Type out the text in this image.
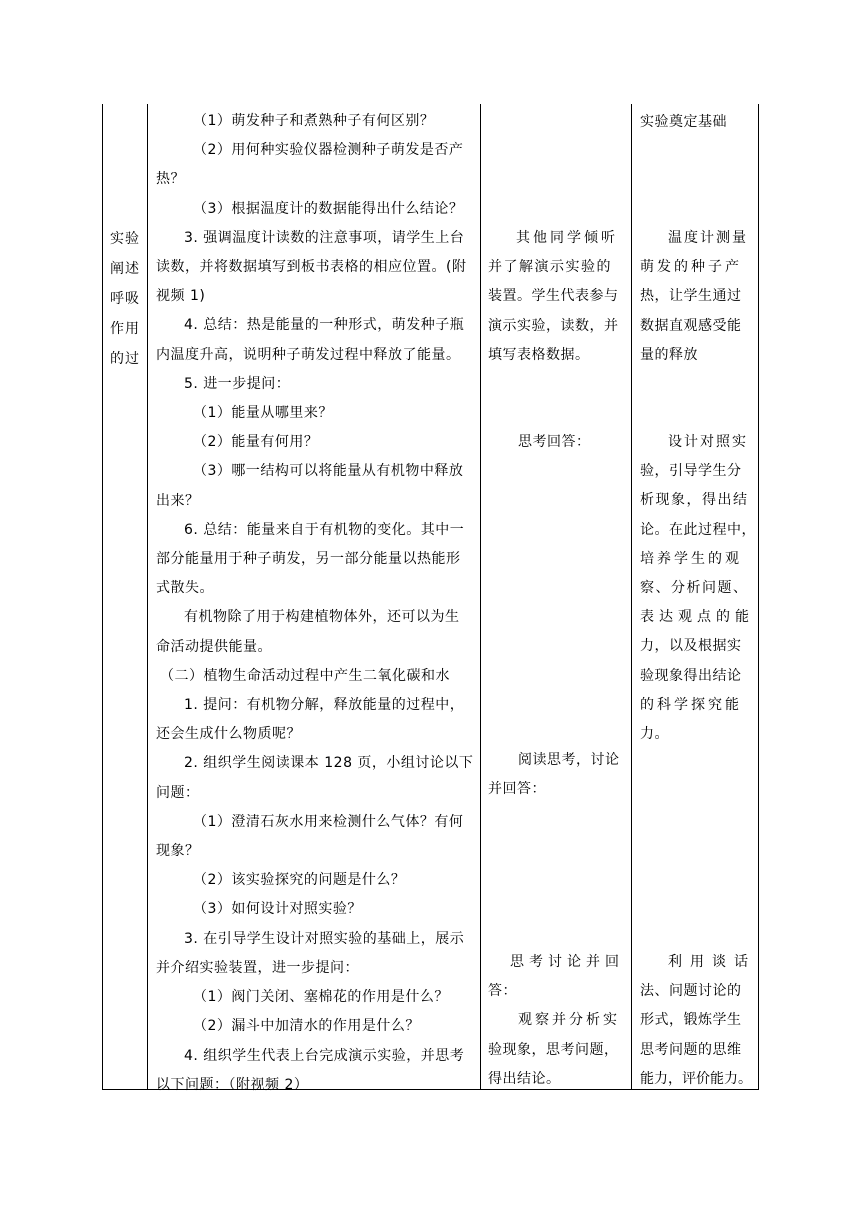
实验
阐述
呼吸
作用
的过

（1）萌发种子和煮熟种子有何区别？

（2）用何种实验仪器检测种子萌发是否产

热？

（3）根据温度计的数据能得出什么结论？

3. 强调温度计读数的注意事项，请学生上台

读数，并将数据填写到板书表格的相应位置。(附

视频 1)

4. 总结：热是能量的一种形式，萌发种子瓶

内温度升高，说明种子萌发过程中释放了能量。

5. 进一步提问：

（1）能量从哪里来？

（2）能量有何用？

（3）哪一结构可以将能量从有机物中释放

出来？

6. 总结：能量来自于有机物的变化。其中一

部分能量用于种子萌发，另一部分能量以热能形

式散失。

有机物除了用于构建植物体外，还可以为生

命活动提供能量。

（二）植物生命活动过程中产生二氧化碳和水

1. 提问：有机物分解，释放能量的过程中，

还会生成什么物质呢？

2. 组织学生阅读课本 128 页，小组讨论以下

问题：

（1）澄清石灰水用来检测什么气体？有何

现象？

（2）该实验探究的问题是什么？

（3）如何设计对照实验？

3. 在引导学生设计对照实验的基础上，展示

并介绍实验装置，进一步提问：

（1）阀门关闭、塞棉花的作用是什么？

（2）漏斗中加清水的作用是什么？

4. 组织学生代表上台完成演示实验，并思考

以下问题：（附视频 2）

其他同学倾听

并了解演示实验的

装置。学生代表参与

演示实验，读数，并

填写表格数据。

思考回答：

阅读思考，讨论

并回答：

思考讨论并回

答：

观察并分析实

验现象，思考问题，

得出结论。

实验奠定基础

温度计测量

萌发的种子产

热，让学生通过

数据直观感受能

量的释放

设计对照实

验，引导学生分

析现象，得出结

论。在此过程中，

培养学生的观

察、分析问题、

表达观点的能

力，以及根据实

验现象得出结论

的科学探究能

力。

利用谈话

法、问题讨论的

形式，锻炼学生

思考问题的思维

能力，评价能力。
